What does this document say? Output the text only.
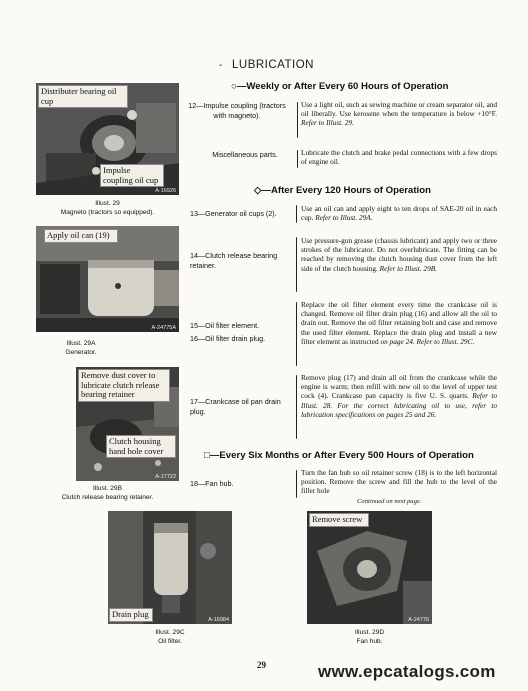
- LUBRICATION
Distributer bearing oil cup
Impulse coupling oil cup
A-16926
Illust. 29
Magneto (tractors so equipped).
Apply oil can (19)
A-24775A
Illust. 29A
Generator.
Remove dust cover to lubricate clutch release bearing retainer
Clutch housing hand hole cover
A-17722
Illust. 29B
Clutch release bearing retainer.
Drain plug
A-16984
Illust. 29C
Oil filter.
Remove screw
A-24776
Illust. 29D
Fan hub.
○—Weekly or After Every 60 Hours of Operation
12—Impulse coupling (tractors with magneto).
Use a light oil, such as sewing machine or cream separator oil, and oil liberally. Use kerosene when the temperature is below +10°F. Refer to Illust. 29.
Miscellaneous parts.	Lubricate the clutch and brake pedal connections with a few drops of engine oil.
◇—After Every 120 Hours of Operation
13—Generator oil cups (2).
Use an oil can and apply eight to ten drops of SAE-20 oil in each cup. Refer to Illust. 29A.
14—Clutch release bearing retainer.
Use pressure-gun grease (chassis lubricant) and apply two or three strokes of the lubricator. Do not overlubricate. The fitting can be reached by removing the clutch housing dust cover from the left side of the clutch housing. Refer to Illust. 29B.
15—Oil filter element.
16—Oil filter drain plug.
Replace the oil filter element every time the crankcase oil is changed. Remove oil filter drain plug (16) and allow all the oil to drain out. Remove the oil filter retaining bolt and case and remove the used filter element. Replace the drain plug and install a new filter element as instructed on page 24. Refer to Illust. 29C.
17—Crankcase oil pan drain plug.
Remove plug (17) and drain all oil from the crankcase while the engine is warm; then refill with new oil to the level of upper test cock (4). Crankcase pan capacity is five U. S. quarts. Refer to Illust. 28. For the correct lubricating oil to use, refer to lubrication specifications on pages 25 and 26.
□—Every Six Months or After Every 500 Hours of Operation
18—Fan hub.
Turn the fan hub so oil retainer screw (18) is to the left horizontal position. Remove the screw and fill the hub to the level of the filler hole
Continued on next page.
29	www.epcatalogs.com
